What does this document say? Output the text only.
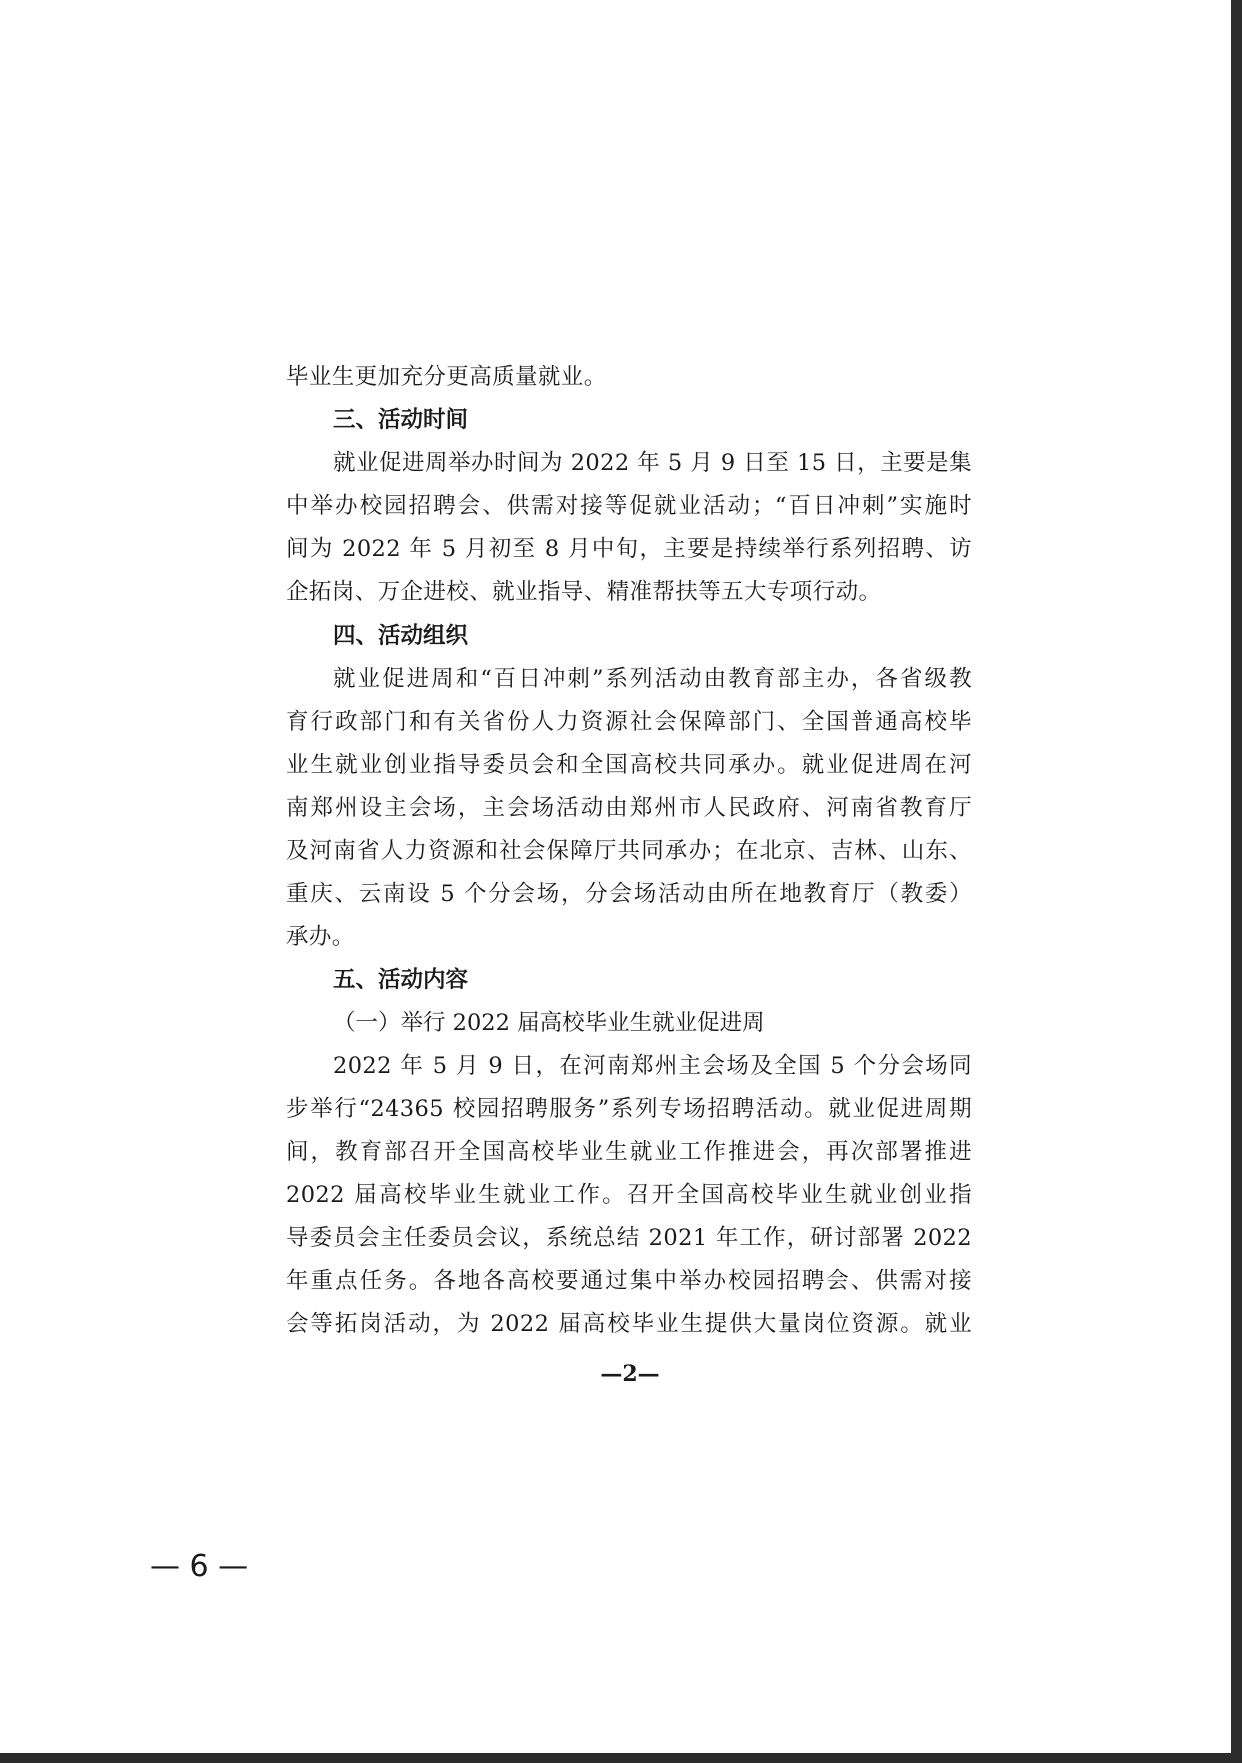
毕业生更加充分更高质量就业。
三、活动时间
就业促进周举办时间为 2022 年 5 月 9 日至 15 日，主要是集
中举办校园招聘会、供需对接等促就业活动；“百日冲刺”实施时
间为 2022 年 5 月初至 8 月中旬，主要是持续举行系列招聘、访
企拓岗、万企进校、就业指导、精准帮扶等五大专项行动。
四、活动组织
就业促进周和“百日冲刺”系列活动由教育部主办，各省级教
育行政部门和有关省份人力资源社会保障部门、全国普通高校毕
业生就业创业指导委员会和全国高校共同承办。就业促进周在河
南郑州设主会场，主会场活动由郑州市人民政府、河南省教育厅
及河南省人力资源和社会保障厅共同承办；在北京、吉林、山东、
重庆、云南设 5 个分会场，分会场活动由所在地教育厅（教委）
承办。
五、活动内容
（一）举行 2022 届高校毕业生就业促进周
2022 年 5 月 9 日，在河南郑州主会场及全国 5 个分会场同
步举行“24365 校园招聘服务”系列专场招聘活动。就业促进周期
间，教育部召开全国高校毕业生就业工作推进会，再次部署推进
2022 届高校毕业生就业工作。召开全国高校毕业生就业创业指
导委员会主任委员会议，系统总结 2021 年工作，研讨部署 2022
年重点任务。各地各高校要通过集中举办校园招聘会、供需对接
会等拓岗活动，为 2022 届高校毕业生提供大量岗位资源。就业
—2—
— 6 —
